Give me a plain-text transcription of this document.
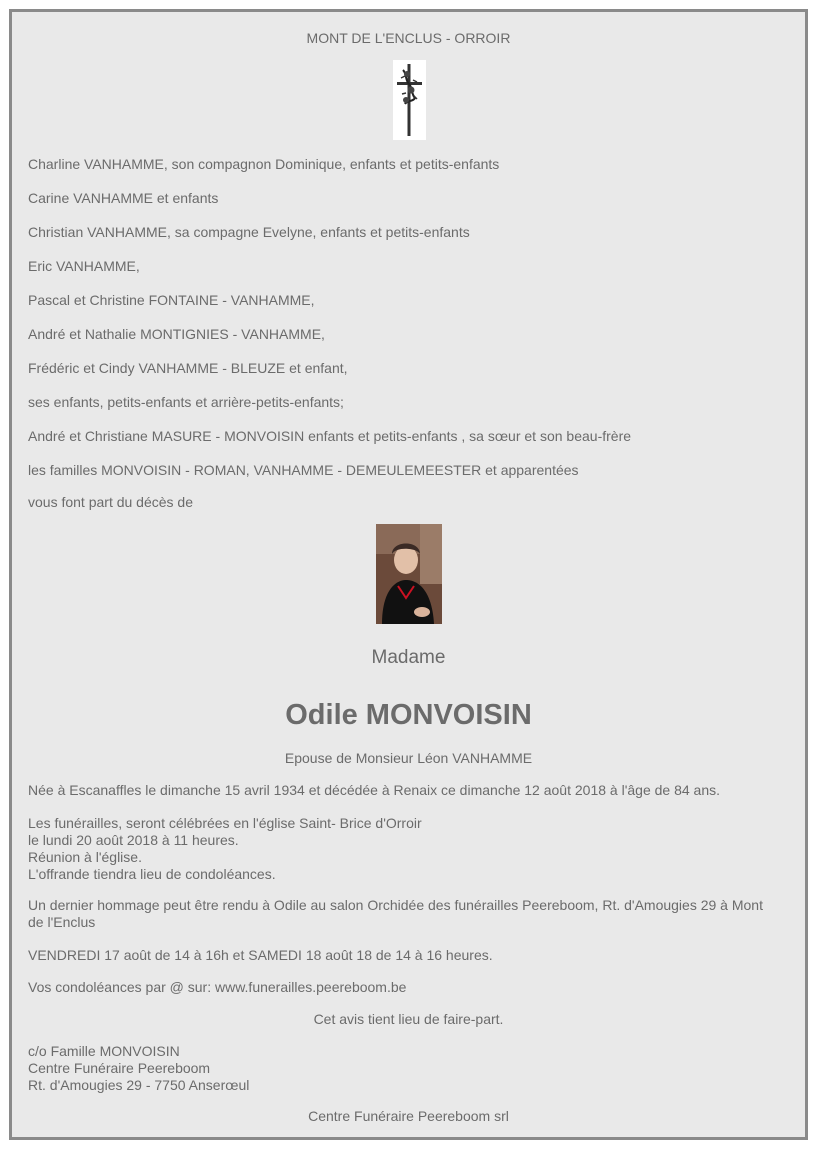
MONT DE L'ENCLUS - ORROIR
Charline VANHAMME, son compagnon Dominique, enfants et petits-enfants
Carine VANHAMME et enfants
Christian VANHAMME, sa compagne Evelyne, enfants et petits-enfants
Eric VANHAMME,
Pascal et Christine FONTAINE - VANHAMME,
André et Nathalie MONTIGNIES - VANHAMME,
Frédéric et Cindy VANHAMME - BLEUZE et enfant,
ses enfants, petits-enfants et arrière-petits-enfants;
André et Christiane MASURE - MONVOISIN enfants et petits-enfants , sa sœur et son beau-frère
les familles MONVOISIN - ROMAN, VANHAMME - DEMEULEMEESTER et apparentées
vous font part du décès de
Madame
Odile MONVOISIN
Epouse de Monsieur Léon VANHAMME
Née à Escanaffles le dimanche 15 avril 1934 et décédée à Renaix ce dimanche 12 août 2018 à l'âge de 84 ans.
Les funérailles, seront célébrées en l'église Saint- Brice d'Orroir
le lundi 20 août 2018 à 11 heures.
Réunion à l'église.
L'offrande tiendra lieu de condoléances.
Un dernier hommage peut être rendu à Odile au salon Orchidée des funérailles Peereboom, Rt. d'Amougies 29 à Mont de l'Enclus
VENDREDI 17 août de 14 à 16h et SAMEDI 18 août 18 de 14 à 16 heures.
Vos condoléances par @ sur: www.funerailles.peereboom.be
Cet avis tient lieu de faire-part.
c/o Famille MONVOISIN
Centre Funéraire Peereboom
Rt. d'Amougies 29 - 7750 Anserœul
Centre Funéraire Peereboom srl
